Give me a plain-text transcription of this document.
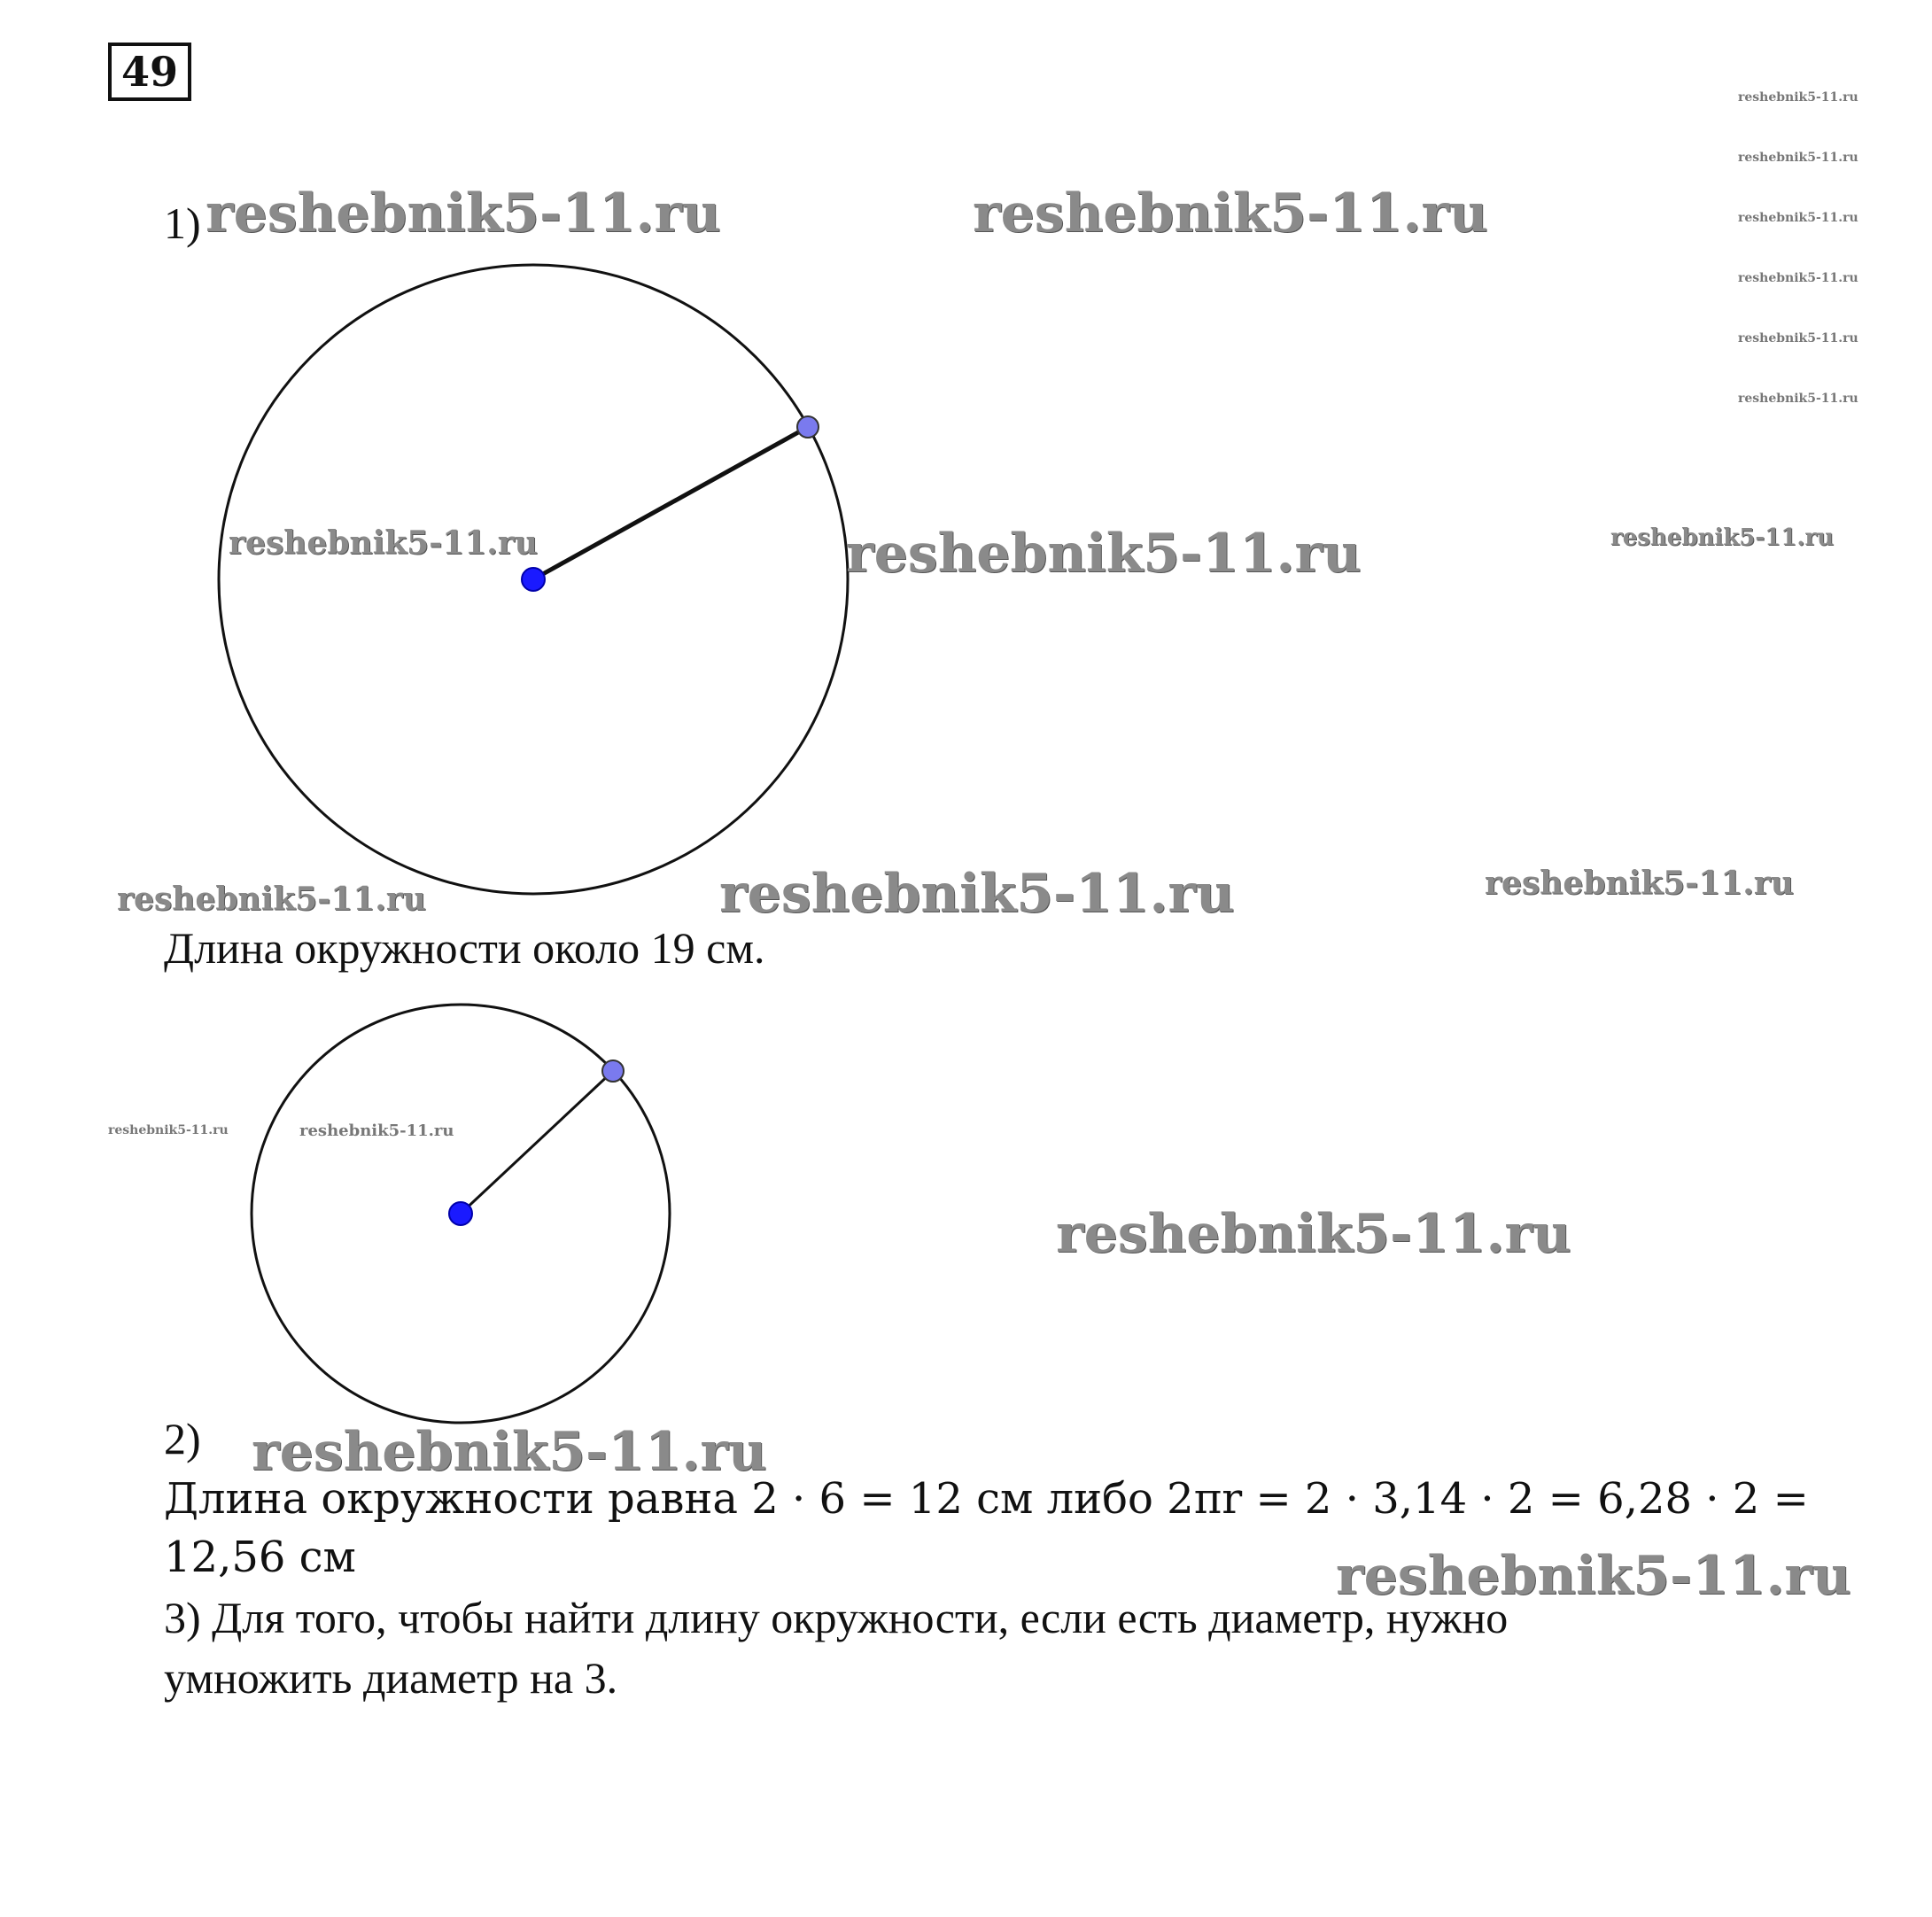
49
1)
Длина окружности около 19 см.
2)
Длина окружности равна 2 · 6 = 12 см либо 2πr = 2 · 3,14 · 2 = 6,28 · 2 =
12,56 см
3) Для того, чтобы найти длину окружности, если есть диаметр, нужно
умножить диаметр на 3.
reshebnik5-11.ru	reshebnik5-11.ru
reshebnik5-11.ru	reshebnik5-11.ru	reshebnik5-11.ru
reshebnik5-11.ru	reshebnik5-11.ru	reshebnik5-11.ru
reshebnik5-11.ru	reshebnik5-11.ru
reshebnik5-11.ru
reshebnik5-11.ru
reshebnik5-11.ru
reshebnik5-11.ru
reshebnik5-11.ru
reshebnik5-11.ru
reshebnik5-11.ru
reshebnik5-11.ru
reshebnik5-11.ru
